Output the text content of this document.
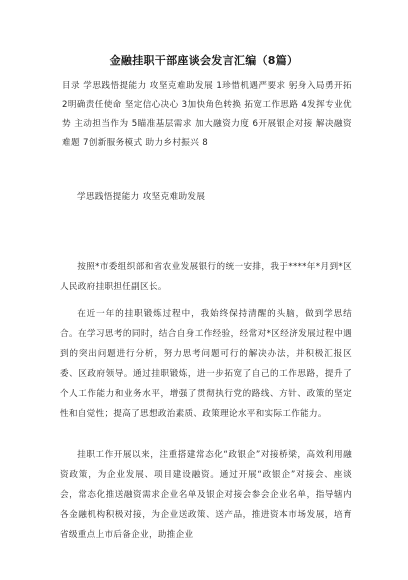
金融挂职干部座谈会发言汇编（8篇）
目录 学思践悟提能力 攻坚克难助发展 1珍惜机遇严要求 躬身入局勇开拓 2明确责任使命 坚定信心决心 3加快角色转换 拓宽工作思路 4发挥专业优势 主动担当作为 5瞄准基层需求 加大融资力度 6开展银企对接 解决融资难题 7创新服务模式 助力乡村振兴 8
学思践悟提能力 攻坚克难助发展

按照*市委组织部和省农业发展银行的统一安排，我于****年*月到*区人民政府挂职担任副区长。

在近一年的挂职锻炼过程中，我始终保持清醒的头脑，做到学思结合。在学习思考的同时，结合自身工作经验，经常对*区经济发展过程中遇到的突出问题进行分析，努力思考问题可行的解决办法，并积极汇报区委、区政府领导。通过挂职锻炼，进一步拓宽了自己的工作思路，提升了个人工作能力和业务水平，增强了贯彻执行党的路线、方针、政策的坚定性和自觉性；提高了思想政治素质、政策理论水平和实际工作能力。

挂职工作开展以来，注重搭建常态化“政银企”对接桥梁，高效利用融资政策，为企业发展、项目建设融资。通过开展“政银企”对接会、座谈会，常态化推送融资需求企业名单及银企对接会参会企业名单，指导辖内各金融机构积极对接，为企业送政策、送产品，推进资本市场发展，培育省级重点上市后备企业，助推企业
